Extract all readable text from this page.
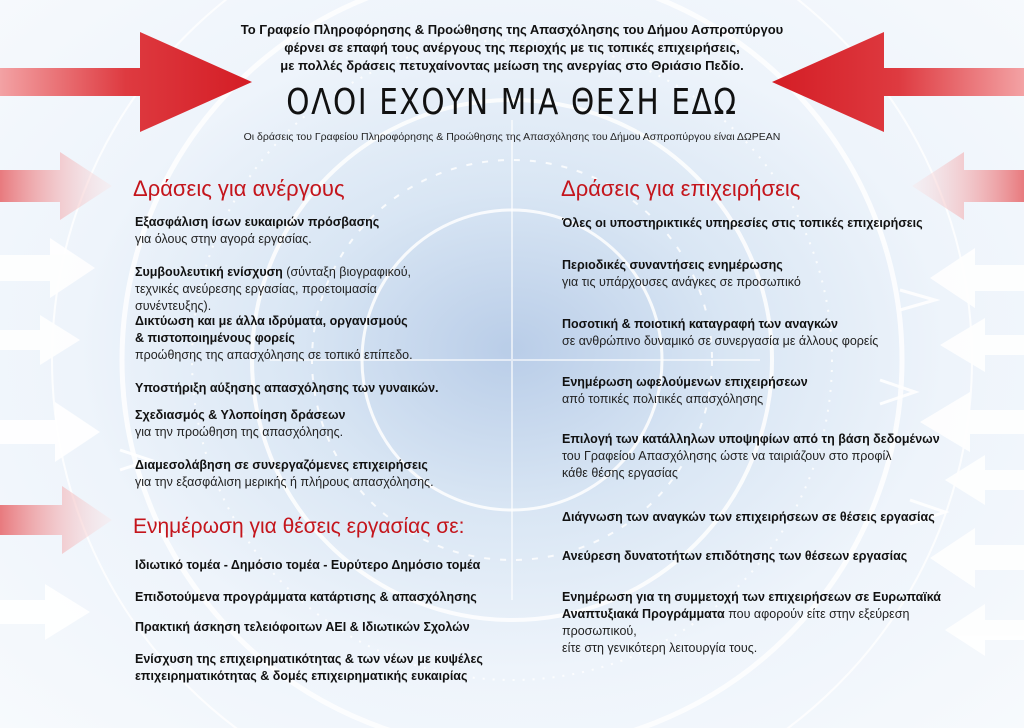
Το Γραφείο Πληροφόρησης & Προώθησης της Απασχόλησης του Δήμου Ασπροπύργου
φέρνει σε επαφή τους ανέργους της περιοχής με τις τοπικές επιχειρήσεις,
με πολλές δράσεις πετυχαίνοντας μείωση της ανεργίας στο Θριάσιο Πεδίο.
ΟΛΟΙ ΕΧΟΥΝ ΜΙΑ ΘΕΣΗ ΕΔΩ
Οι δράσεις του Γραφείου Πληροφόρησης & Προώθησης της Απασχόλησης του Δήμου Ασπροπύργου είναι ΔΩΡΕΑΝ
Δράσεις για ανέργους
Εξασφάλιση ίσων ευκαιριών πρόσβασης
για όλους στην αγορά εργασίας.
Συμβουλευτική ενίσχυση (σύνταξη βιογραφικού,
τεχνικές ανεύρεσης εργασίας, προετοιμασία συνέντευξης).
Δικτύωση και με άλλα ιδρύματα, οργανισμούς
& πιστοποιημένους φορείς
προώθησης της απασχόλησης σε τοπικό επίπεδο.
Υποστήριξη αύξησης απασχόλησης των γυναικών.
Σχεδιασμός & Υλοποίηση δράσεων
για την προώθηση της απασχόλησης.
Διαμεσολάβηση σε συνεργαζόμενες επιχειρήσεις
για την εξασφάλιση μερικής ή πλήρους απασχόλησης.
Ενημέρωση για θέσεις εργασίας σε:
Ιδιωτικό τομέα - Δημόσιο τομέα - Ευρύτερο Δημόσιο τομέα
Επιδοτούμενα προγράμματα κατάρτισης & απασχόλησης
Πρακτική άσκηση τελειόφοιτων ΑΕΙ & Ιδιωτικών Σχολών
Ενίσχυση της επιχειρηματικότητας & των νέων με κυψέλες
επιχειρηματικότητας & δομές επιχειρηματικής ευκαιρίας
Δράσεις για επιχειρήσεις
Όλες οι υποστηρικτικές υπηρεσίες στις τοπικές επιχειρήσεις
Περιοδικές συναντήσεις ενημέρωσης
για τις υπάρχουσες ανάγκες σε προσωπικό
Ποσοτική & ποιοτική καταγραφή των αναγκών
σε ανθρώπινο δυναμικό σε συνεργασία με άλλους φορείς
Ενημέρωση ωφελούμενων επιχειρήσεων
από τοπικές πολιτικές απασχόλησης
Επιλογή των κατάλληλων υποψηφίων από τη βάση δεδομένων
του Γραφείου Απασχόλησης ώστε να ταιριάζουν στο προφίλ
κάθε θέσης εργασίας
Διάγνωση των αναγκών των επιχειρήσεων σε θέσεις εργασίας
Ανεύρεση δυνατοτήτων επιδότησης των θέσεων εργασίας
Ενημέρωση για τη συμμετοχή των επιχειρήσεων σε Ευρωπαϊκά
Αναπτυξιακά Προγράμματα που αφορούν είτε στην εξεύρεση προσωπικού,
είτε στη γενικότερη λειτουργία τους.
